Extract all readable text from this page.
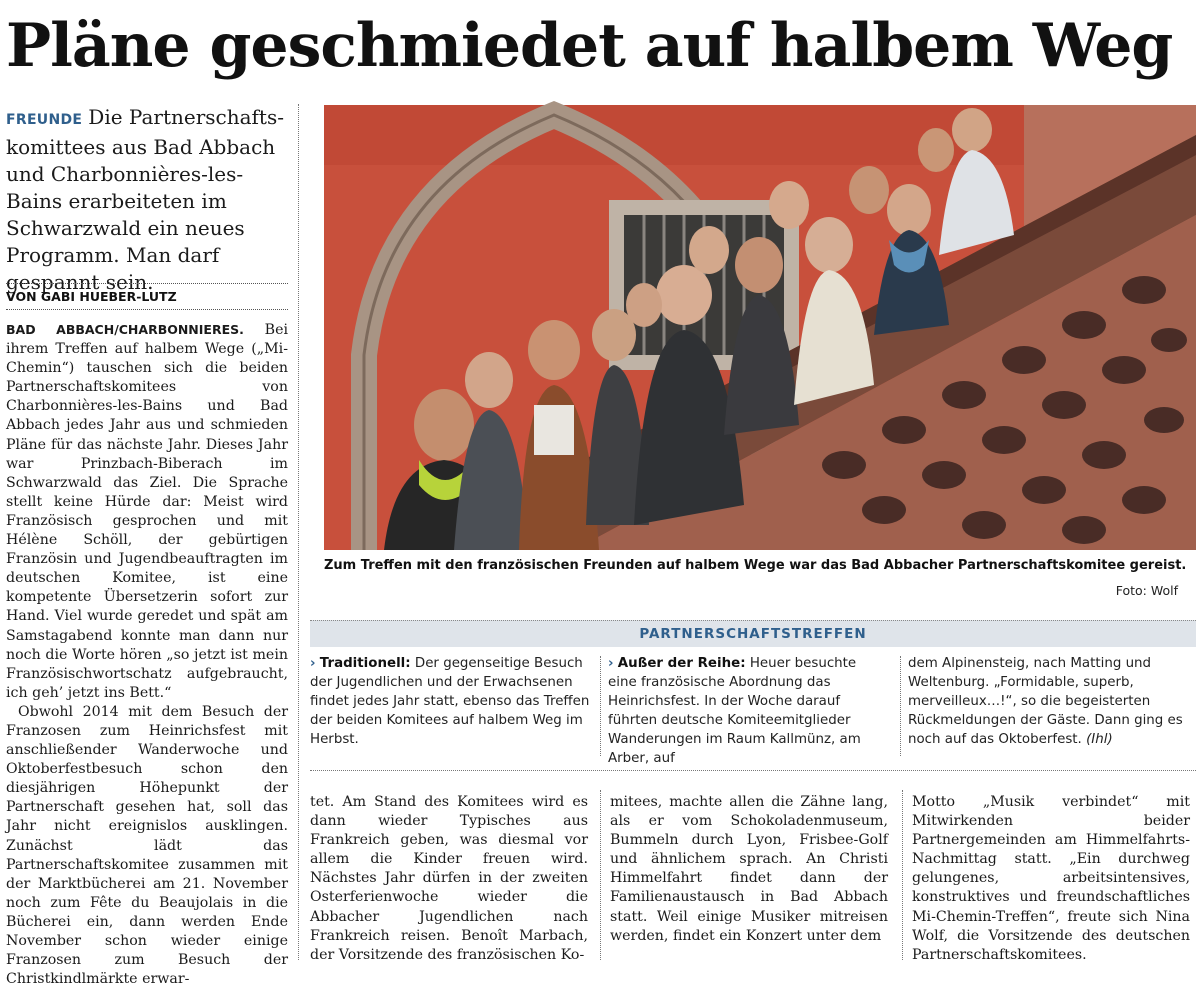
Pläne geschmiedet auf halbem Weg
FREUNDE Die Partnerschaftskomittees aus Bad Abbach und Charbonnières-les-Bains erarbeiteten im Schwarzwald ein neues Programm. Man darf gespannt sein.
VON GABI HUEBER-LUTZ

BAD ABBACH/CHARBONNIERES. Bei ihrem Treffen auf halbem Wege („Mi-Chemin“) tauschen sich die beiden Partnerschaftskomitees von Charbonnières-les-Bains und Bad Abbach jedes Jahr aus und schmieden Pläne für das nächste Jahr. Dieses Jahr war Prinzbach-Biberach im Schwarzwald das Ziel. Die Sprache stellt keine Hürde dar: Meist wird Französisch gesprochen und mit Hélène Schöll, der gebürtigen Französin und Jugendbeauftragten im deutschen Komitee, ist eine kompetente Übersetzerin sofort zur Hand. Viel wurde geredet und spät am Samstagabend konnte man dann nur noch die Worte hören „so jetzt ist mein Französischwortschatz aufgebraucht, ich geh’ jetzt ins Bett.“

Obwohl 2014 mit dem Besuch der Franzosen zum Heinrichsfest mit anschließender Wanderwoche und Oktoberfestbesuch schon den diesjährigen Höhepunkt der Partnerschaft gesehen hat, soll das Jahr nicht ereignislos ausklingen. Zunächst lädt das Partnerschaftskomitee zusammen mit der Marktbücherei am 21. November noch zum Fête du Beaujolais in die Bücherei ein, dann werden Ende November schon wieder einige Franzosen zum Besuch der Christkindlmärkte erwar-

Zum Treffen mit den französischen Freunden auf halbem Wege war das Bad Abbacher Partnerschaftskomitee gereist.
Foto: Wolf
PARTNERSCHAFTSTREFFEN
› Traditionell: Der gegenseitige Besuch der Jugendlichen und der Erwachsenen findet jedes Jahr statt, ebenso das Treffen der beiden Komitees auf halbem Weg im Herbst.
› Außer der Reihe: Heuer besuchte eine französische Abordnung das Heinrichsfest. In der Woche darauf führten deutsche Komiteemitglieder Wanderungen im Raum Kallmünz, am Arber, auf
dem Alpinensteig, nach Matting und Weltenburg. „Formidable, superb, merveilleux…!“, so die begeisterten Rückmeldungen der Gäste. Dann ging es noch auf das Oktoberfest. (Ihl)
tet. Am Stand des Komitees wird es dann wieder Typisches aus Frankreich geben, was diesmal vor allem die Kinder freuen wird. Nächstes Jahr dürfen in der zweiten Osterferienwoche wieder die Abbacher Jugendlichen nach Frankreich reisen. Benoît Marbach, der Vorsitzende des französischen Ko-
mitees, machte allen die Zähne lang, als er vom Schokoladenmuseum, Bummeln durch Lyon, Frisbee-Golf und ähnlichem sprach. An Christi Himmelfahrt findet dann der Familienaustausch in Bad Abbach statt. Weil einige Musiker mitreisen werden, findet ein Konzert unter dem
Motto „Musik verbindet“ mit Mitwirkenden beider Partnergemeinden am Himmelfahrts-Nachmittag statt. „Ein durchweg gelungenes, arbeitsintensives, konstruktives und freundschaftliches Mi-Chemin-Treffen“, freute sich Nina Wolf, die Vorsitzende des deutschen Partnerschaftskomitees.
